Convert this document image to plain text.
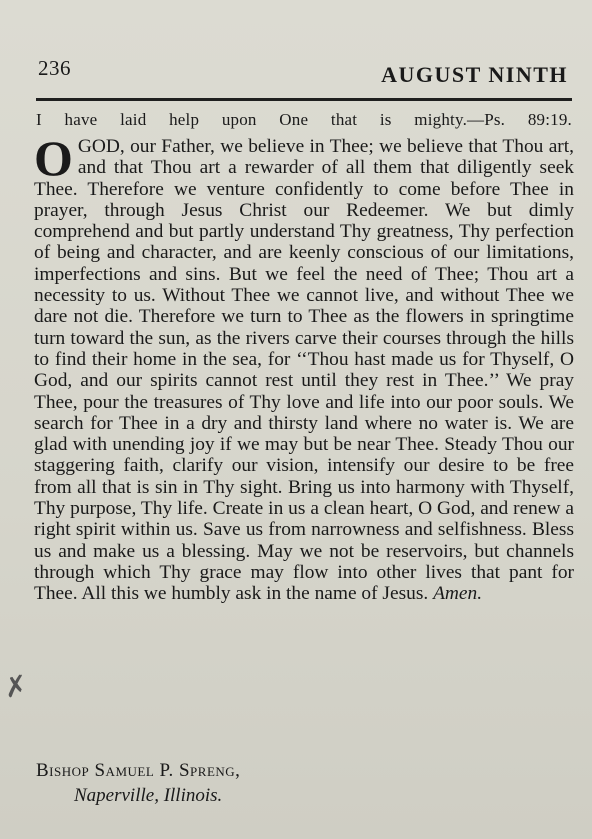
236	AUGUST NINTH
I have laid help upon One that is mighty.—Ps. 89:19.
O GOD, our Father, we believe in Thee; we believe that Thou art, and that Thou art a rewarder of all them that diligently seek Thee. Therefore we venture confidently to come before Thee in prayer, through Jesus Christ our Redeemer. We but dimly comprehend and but partly understand Thy greatness, Thy perfection of being and character, and are keenly conscious of our limitations, imperfections and sins. But we feel the need of Thee; Thou art a necessity to us. Without Thee we cannot live, and without Thee we dare not die. Therefore we turn to Thee as the flowers in springtime turn toward the sun, as the rivers carve their courses through the hills to find their home in the sea, for ‘‘Thou hast made us for Thyself, O God, and our spirits cannot rest until they rest in Thee.’’ We pray Thee, pour the treasures of Thy love and life into our poor souls. We search for Thee in a dry and thirsty land where no water is. We are glad with unending joy if we may but be near Thee. Steady Thou our staggering faith, clarify our vision, intensify our desire to be free from all that is sin in Thy sight. Bring us into harmony with Thyself, Thy purpose, Thy life. Create in us a clean heart, O God, and renew a right spirit within us. Save us from narrowness and selfishness. Bless us and make us a blessing. May we not be reservoirs, but channels through which Thy grace may flow into other lives that pant for Thee. All this we humbly ask in the name of Jesus. Amen.
✗
Bishop Samuel P. Spreng,
Naperville, Illinois.
